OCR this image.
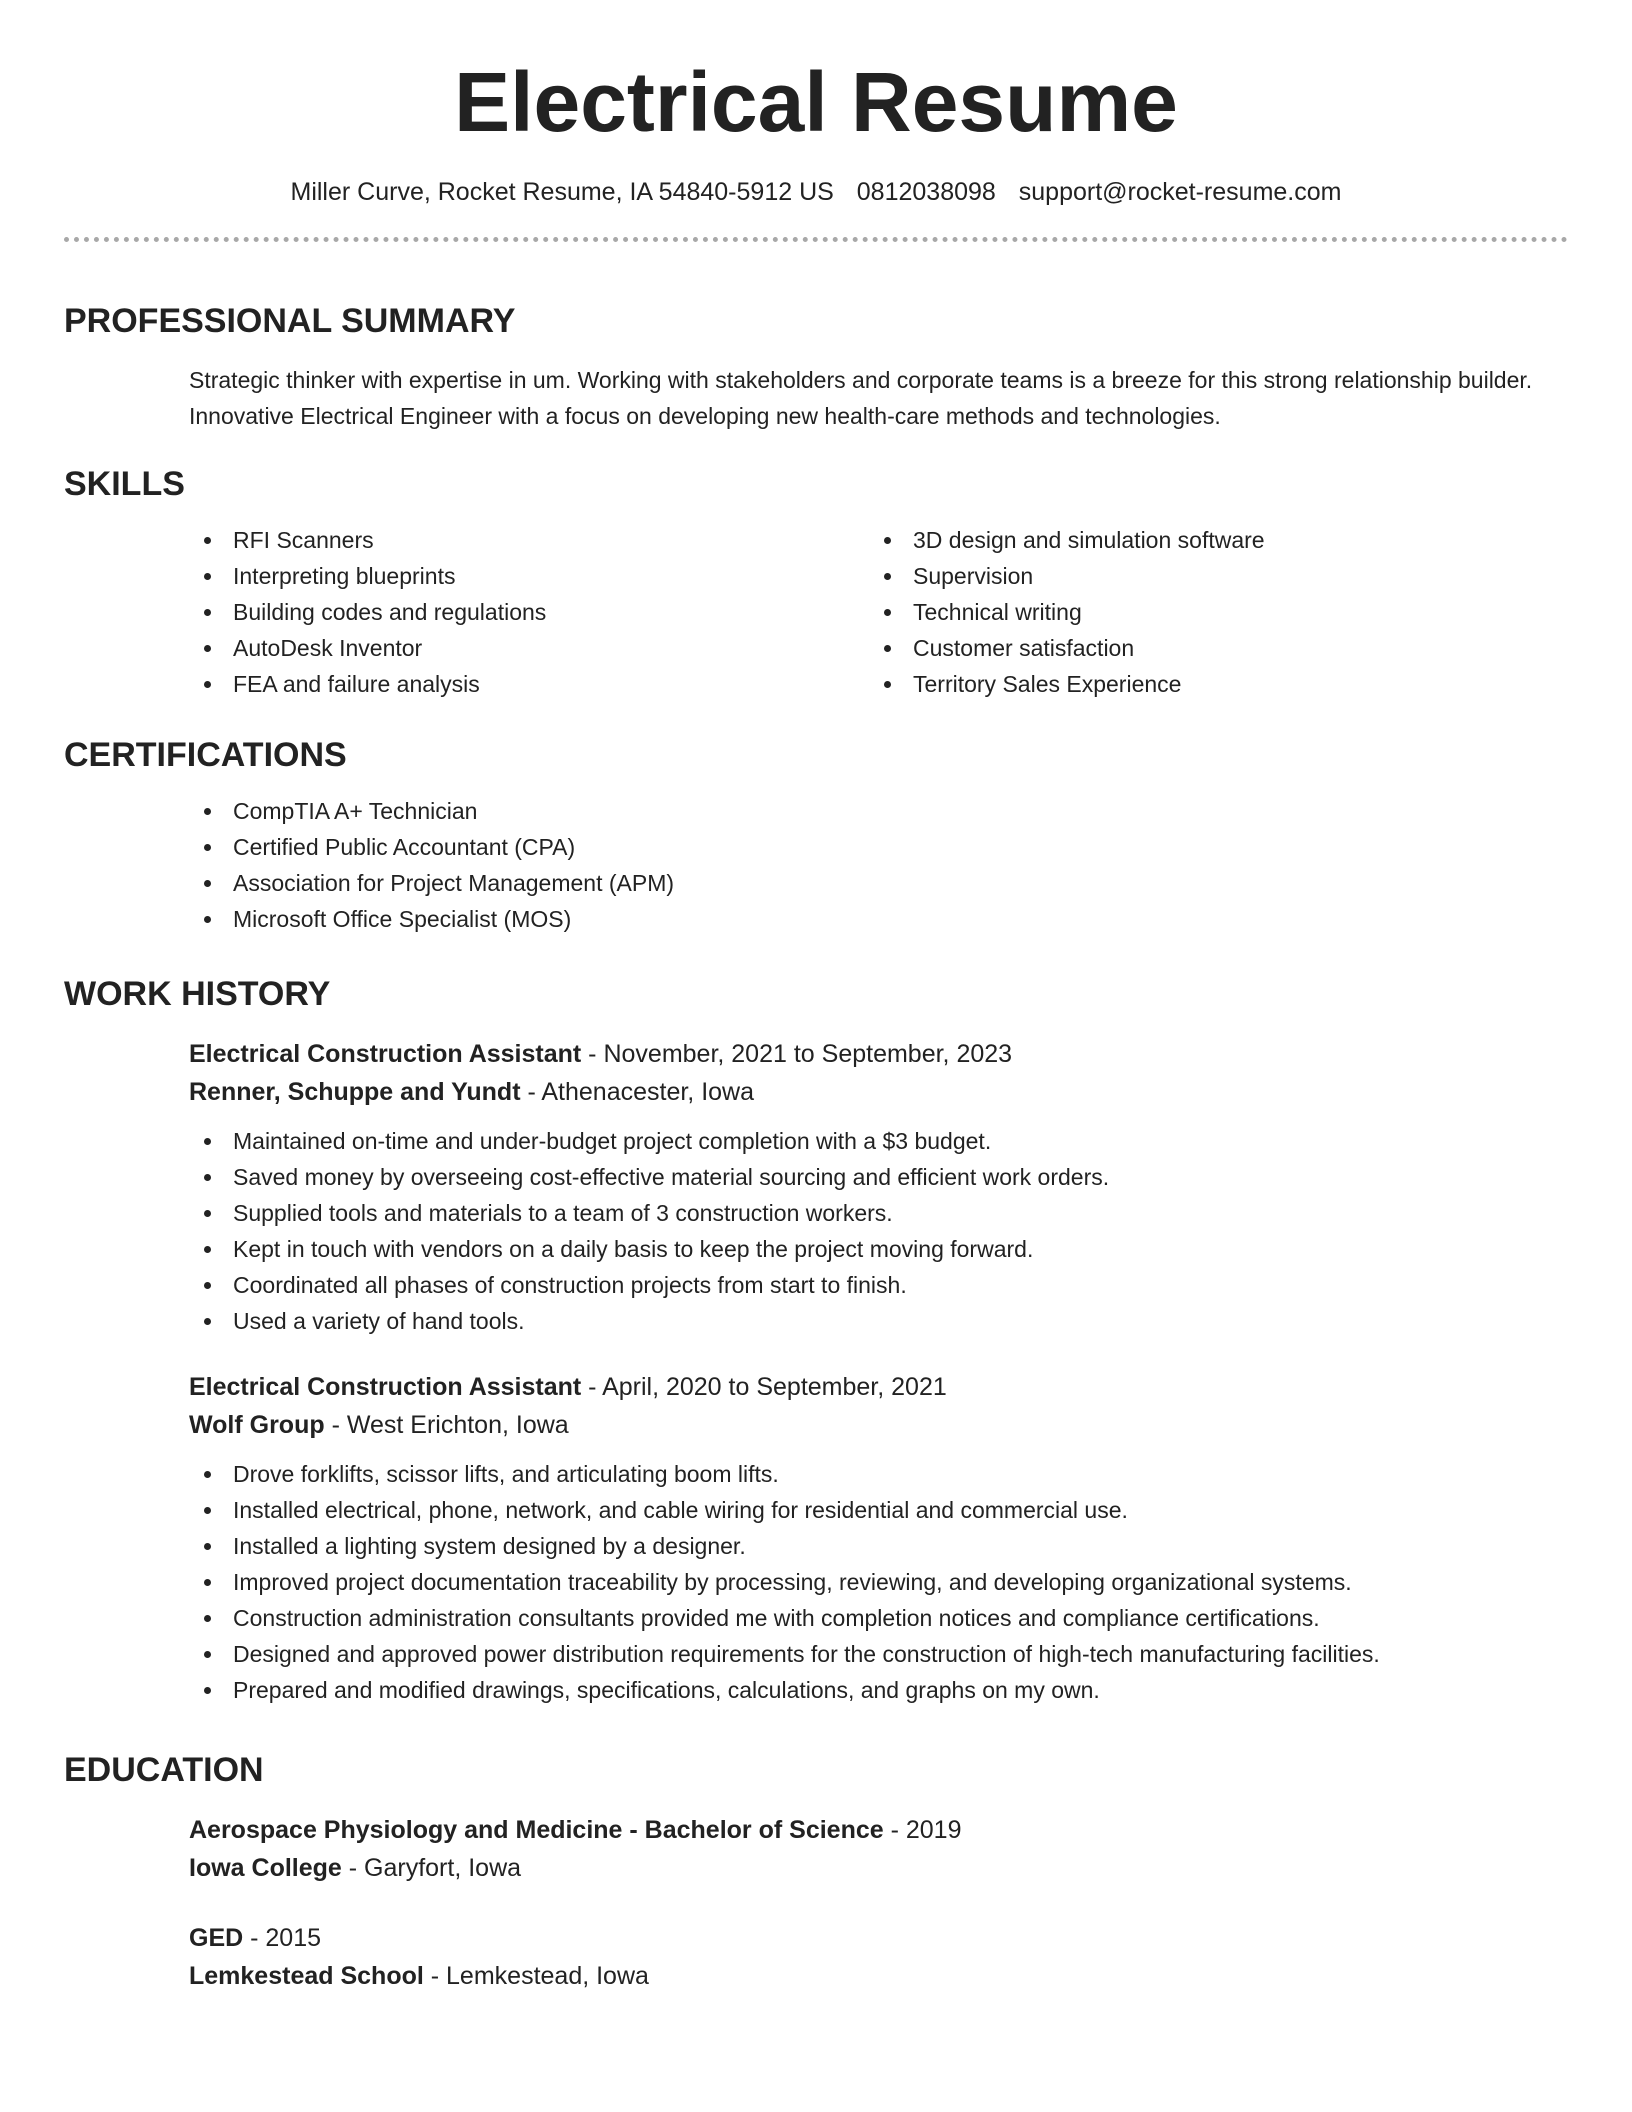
Electrical Resume
Miller Curve, Rocket Resume, IA 54840-5912 US 0812038098 support@rocket-resume.com
PROFESSIONAL SUMMARY
Strategic thinker with expertise in um. Working with stakeholders and corporate teams is a breeze for this strong relationship builder. Innovative Electrical Engineer with a focus on developing new health-care methods and technologies.
SKILLS
RFI Scanners
Interpreting blueprints
Building codes and regulations
AutoDesk Inventor
FEA and failure analysis
3D design and simulation software
Supervision
Technical writing
Customer satisfaction
Territory Sales Experience
CERTIFICATIONS
CompTIA A+ Technician
Certified Public Accountant (CPA)
Association for Project Management (APM)
Microsoft Office Specialist (MOS)
WORK HISTORY
Electrical Construction Assistant - November, 2021 to September, 2023
Renner, Schuppe and Yundt - Athenacester, Iowa
Maintained on-time and under-budget project completion with a $3 budget.
Saved money by overseeing cost-effective material sourcing and efficient work orders.
Supplied tools and materials to a team of 3 construction workers.
Kept in touch with vendors on a daily basis to keep the project moving forward.
Coordinated all phases of construction projects from start to finish.
Used a variety of hand tools.
Electrical Construction Assistant - April, 2020 to September, 2021
Wolf Group - West Erichton, Iowa
Drove forklifts, scissor lifts, and articulating boom lifts.
Installed electrical, phone, network, and cable wiring for residential and commercial use.
Installed a lighting system designed by a designer.
Improved project documentation traceability by processing, reviewing, and developing organizational systems.
Construction administration consultants provided me with completion notices and compliance certifications.
Designed and approved power distribution requirements for the construction of high-tech manufacturing facilities.
Prepared and modified drawings, specifications, calculations, and graphs on my own.
EDUCATION
Aerospace Physiology and Medicine - Bachelor of Science - 2019
Iowa College - Garyfort, Iowa
GED - 2015
Lemkestead School - Lemkestead, Iowa
